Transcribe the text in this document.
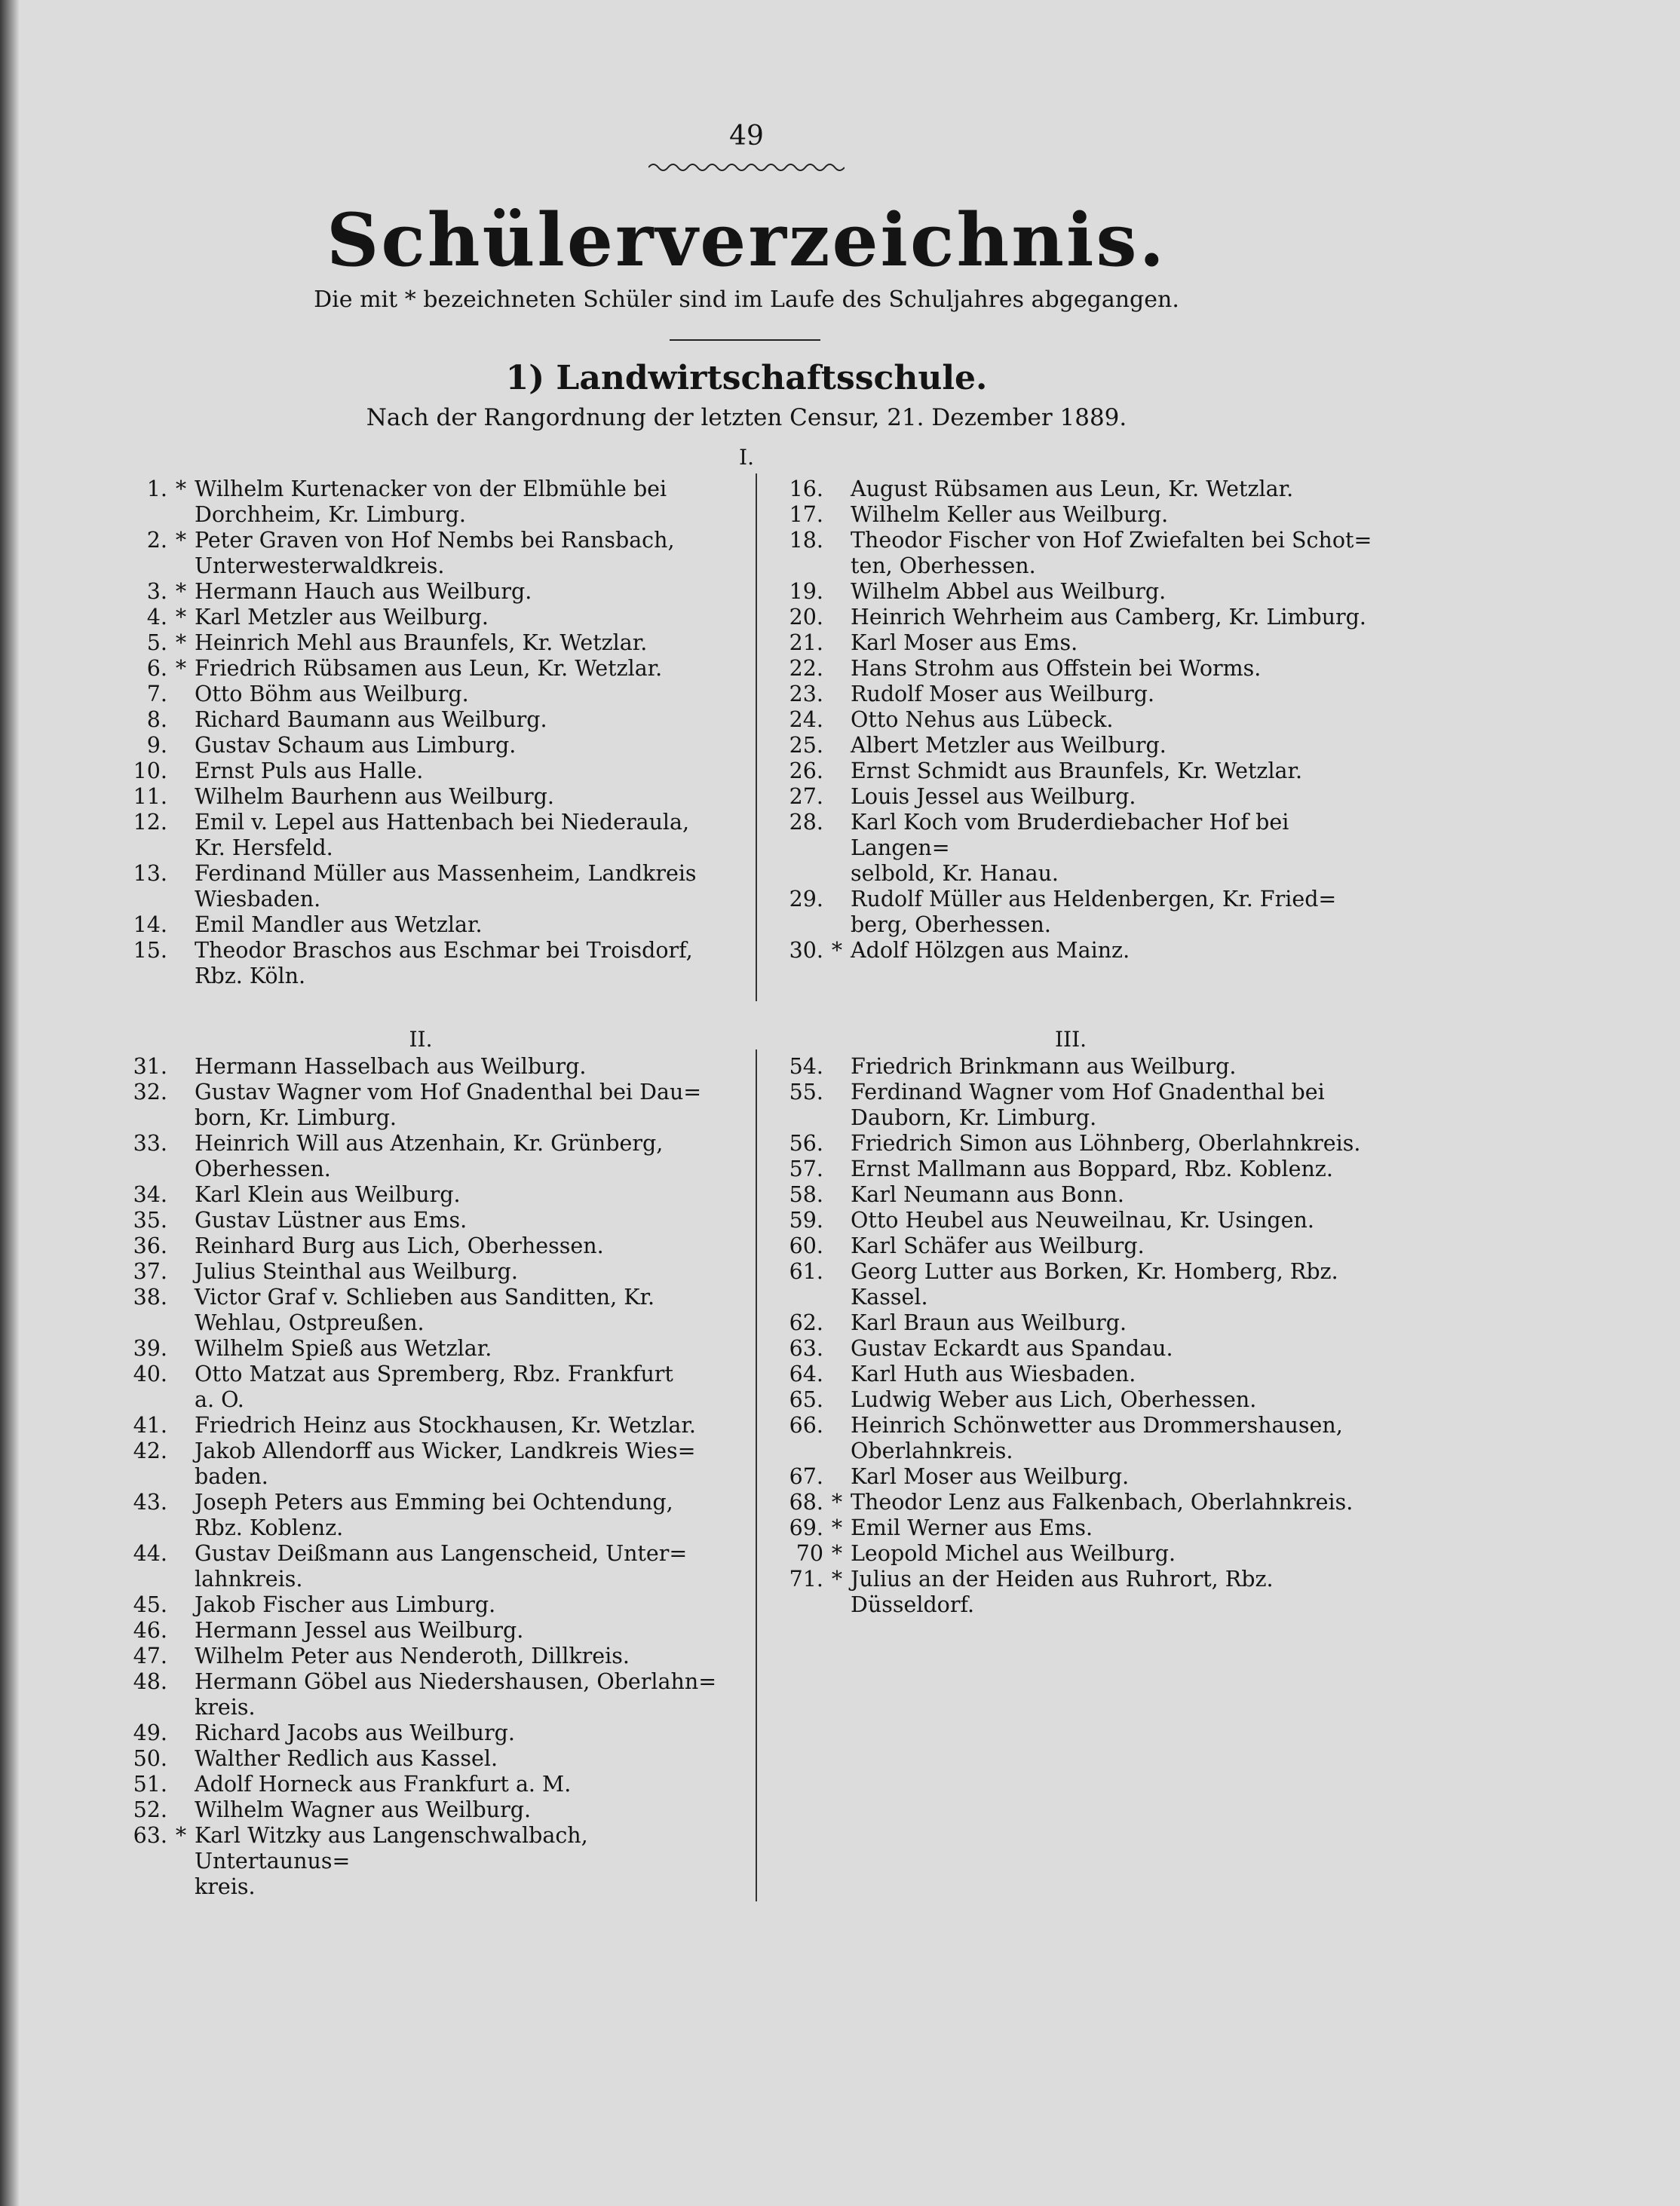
49
Schülerverzeichnis.
Die mit * bezeichneten Schüler sind im Laufe des Schuljahres abgegangen.
1) Landwirtschaftsschule.
Nach der Rangordnung der letzten Censur, 21. Dezember 1889.
I.
1. * Wilhelm Kurtenacker von der Elbmühle bei
Dorchheim, Kr. Limburg.
2. * Peter Graven von Hof Nembs bei Ransbach,
Unterwesterwaldkreis.
3. * Hermann Hauch aus Weilburg.
4. * Karl Metzler aus Weilburg.
5. * Heinrich Mehl aus Braunfels, Kr. Wetzlar.
6. * Friedrich Rübsamen aus Leun, Kr. Wetzlar.
7. Otto Böhm aus Weilburg.
8. Richard Baumann aus Weilburg.
9. Gustav Schaum aus Limburg.
10. Ernst Puls aus Halle.
11. Wilhelm Baurhenn aus Weilburg.
12. Emil v. Lepel aus Hattenbach bei Niederaula,
Kr. Hersfeld.
13. Ferdinand Müller aus Massenheim, Landkreis
Wiesbaden.
14. Emil Mandler aus Wetzlar.
15. Theodor Braschos aus Eschmar bei Troisdorf,
Rbz. Köln.
16. August Rübsamen aus Leun, Kr. Wetzlar.
17. Wilhelm Keller aus Weilburg.
18. Theodor Fischer von Hof Zwiefalten bei Schot=
ten, Oberhessen.
19. Wilhelm Abbel aus Weilburg.
20. Heinrich Wehrheim aus Camberg, Kr. Limburg.
21. Karl Moser aus Ems.
22. Hans Strohm aus Offstein bei Worms.
23. Rudolf Moser aus Weilburg.
24. Otto Nehus aus Lübeck.
25. Albert Metzler aus Weilburg.
26. Ernst Schmidt aus Braunfels, Kr. Wetzlar.
27. Louis Jessel aus Weilburg.
28. Karl Koch vom Bruderdiebacher Hof bei Langen=
selbold, Kr. Hanau.
29. Rudolf Müller aus Heldenbergen, Kr. Fried=
berg, Oberhessen.
30. * Adolf Hölzgen aus Mainz.
II.	III.
31. Hermann Hasselbach aus Weilburg.
32. Gustav Wagner vom Hof Gnadenthal bei Dau=
born, Kr. Limburg.
33. Heinrich Will aus Atzenhain, Kr. Grünberg,
Oberhessen.
34. Karl Klein aus Weilburg.
35. Gustav Lüstner aus Ems.
36. Reinhard Burg aus Lich, Oberhessen.
37. Julius Steinthal aus Weilburg.
38. Victor Graf v. Schlieben aus Sanditten, Kr.
Wehlau, Ostpreußen.
39. Wilhelm Spieß aus Wetzlar.
40. Otto Matzat aus Spremberg, Rbz. Frankfurt
a. O.
41. Friedrich Heinz aus Stockhausen, Kr. Wetzlar.
42. Jakob Allendorff aus Wicker, Landkreis Wies=
baden.
43. Joseph Peters aus Emming bei Ochtendung,
Rbz. Koblenz.
44. Gustav Deißmann aus Langenscheid, Unter=
lahnkreis.
45. Jakob Fischer aus Limburg.
46. Hermann Jessel aus Weilburg.
47. Wilhelm Peter aus Nenderoth, Dillkreis.
48. Hermann Göbel aus Niedershausen, Oberlahn=
kreis.
49. Richard Jacobs aus Weilburg.
50. Walther Redlich aus Kassel.
51. Adolf Horneck aus Frankfurt a. M.
52. Wilhelm Wagner aus Weilburg.
63. * Karl Witzky aus Langenschwalbach, Untertaunus=
kreis.
54. Friedrich Brinkmann aus Weilburg.
55. Ferdinand Wagner vom Hof Gnadenthal bei
Dauborn, Kr. Limburg.
56. Friedrich Simon aus Löhnberg, Oberlahnkreis.
57. Ernst Mallmann aus Boppard, Rbz. Koblenz.
58. Karl Neumann aus Bonn.
59. Otto Heubel aus Neuweilnau, Kr. Usingen.
60. Karl Schäfer aus Weilburg.
61. Georg Lutter aus Borken, Kr. Homberg, Rbz.
Kassel.
62. Karl Braun aus Weilburg.
63. Gustav Eckardt aus Spandau.
64. Karl Huth aus Wiesbaden.
65. Ludwig Weber aus Lich, Oberhessen.
66. Heinrich Schönwetter aus Drommershausen,
Oberlahnkreis.
67. Karl Moser aus Weilburg.
68. * Theodor Lenz aus Falkenbach, Oberlahnkreis.
69. * Emil Werner aus Ems.
70 * Leopold Michel aus Weilburg.
71. * Julius an der Heiden aus Ruhrort, Rbz.
Düsseldorf.
